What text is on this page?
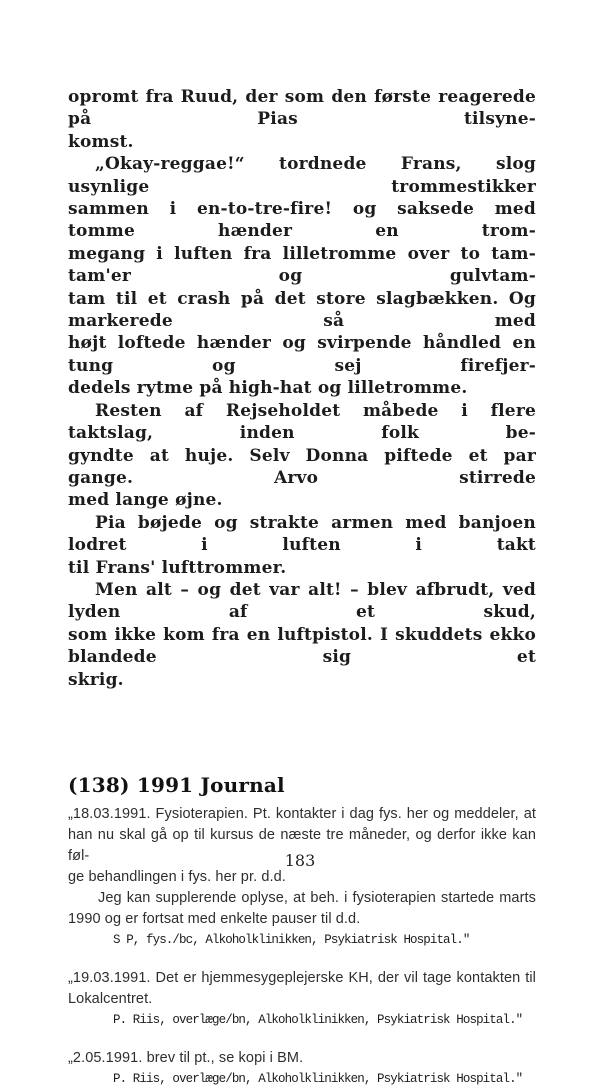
opromt fra Ruud, der som den første reagerede på Pias tilsyne-
komst.
„Okay-reggae!“ tordnede Frans, slog usynlige trommestikker
sammen i en-to-tre-fire! og saksede med tomme hænder en trom-
megang i luften fra lilletromme over to tam-tam'er og gulvtam-
tam til et crash på det store slagbækken. Og markerede så med
højt loftede hænder og svirpende håndled en tung og sej firefjer-
dedels rytme på high-hat og lilletromme.
Resten af Rejseholdet måbede i flere taktslag, inden folk be-
gyndte at huje. Selv Donna piftede et par gange. Arvo stirrede
med lange øjne.
Pia bøjede og strakte armen med banjoen lodret i luften i takt
til Frans' lufttrommer.
Men alt – og det var alt! – blev afbrudt, ved lyden af et skud,
som ikke kom fra en luftpistol. I skuddets ekko blandede sig et
skrig.
(138) 1991 Journal
„18.03.1991. Fysioterapien. Pt. kontakter i dag fys. her og meddeler, at
han nu skal gå op til kursus de næste tre måneder, og derfor ikke kan føl-
ge behandlingen i fys. her pr. d.d.
Jeg kan supplerende oplyse, at beh. i fysioterapien startede marts
1990 og er fortsat med enkelte pauser til d.d.
S P, fys./bc, Alkoholklinikken, Psykiatrisk Hospital."
„19.03.1991. Det er hjemmesygeplejerske KH, der vil tage kontakten til
Lokalcentret.
P. Riis, overlæge/bn, Alkoholklinikken, Psykiatrisk Hospital."
„2.05.1991. brev til pt., se kopi i BM.
P. Riis, overlæge/bn, Alkoholklinikken, Psykiatrisk Hospital."
183
